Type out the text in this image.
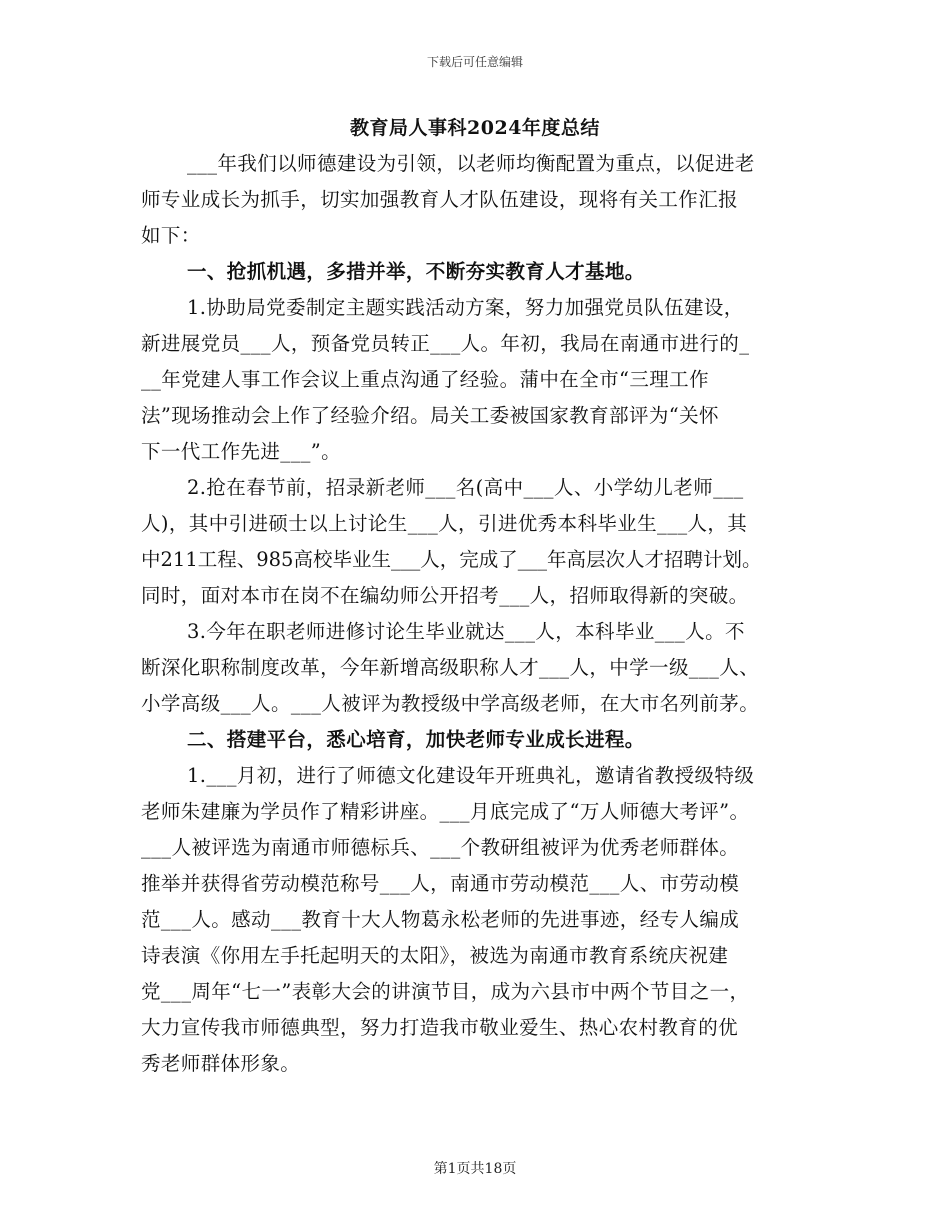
下载后可任意编辑
教育局人事科2024年度总结
___年我们以师德建设为引领，以老师均衡配置为重点，以促进老
师专业成长为抓手，切实加强教育人才队伍建设，现将有关工作汇报
如下：
一、抢抓机遇，多措并举，不断夯实教育人才基地。
1.协助局党委制定主题实践活动方案，努力加强党员队伍建设，
新进展党员___人，预备党员转正___人。年初，我局在南通市进行的_
__年党建人事工作会议上重点沟通了经验。蒲中在全市“三理工作
法”现场推动会上作了经验介绍。局关工委被国家教育部评为“关怀
下一代工作先进___”。
2.抢在春节前，招录新老师___名(高中___人、小学幼儿老师___
人)，其中引进硕士以上讨论生___人，引进优秀本科毕业生___人，其
中211工程、985高校毕业生___人，完成了___年高层次人才招聘计划。
同时，面对本市在岗不在编幼师公开招考___人，招师取得新的突破。
3.今年在职老师进修讨论生毕业就达___人，本科毕业___人。不
断深化职称制度改革，今年新增高级职称人才___人，中学一级___人、
小学高级___人。___人被评为教授级中学高级老师，在大市名列前茅。
二、搭建平台，悉心培育，加快老师专业成长进程。
1.___月初，进行了师德文化建设年开班典礼，邀请省教授级特级
老师朱建廉为学员作了精彩讲座。___月底完成了“万人师德大考评”。
___人被评选为南通市师德标兵、___个教研组被评为优秀老师群体。
推举并获得省劳动模范称号___人，南通市劳动模范___人、市劳动模
范___人。感动___教育十大人物葛永松老师的先进事迹，经专人编成
诗表演《你用左手托起明天的太阳》，被选为南通市教育系统庆祝建
党___周年“七一”表彰大会的讲演节目，成为六县市中两个节目之一，
大力宣传我市师德典型，努力打造我市敬业爱生、热心农村教育的优
秀老师群体形象。
第1页共18页
